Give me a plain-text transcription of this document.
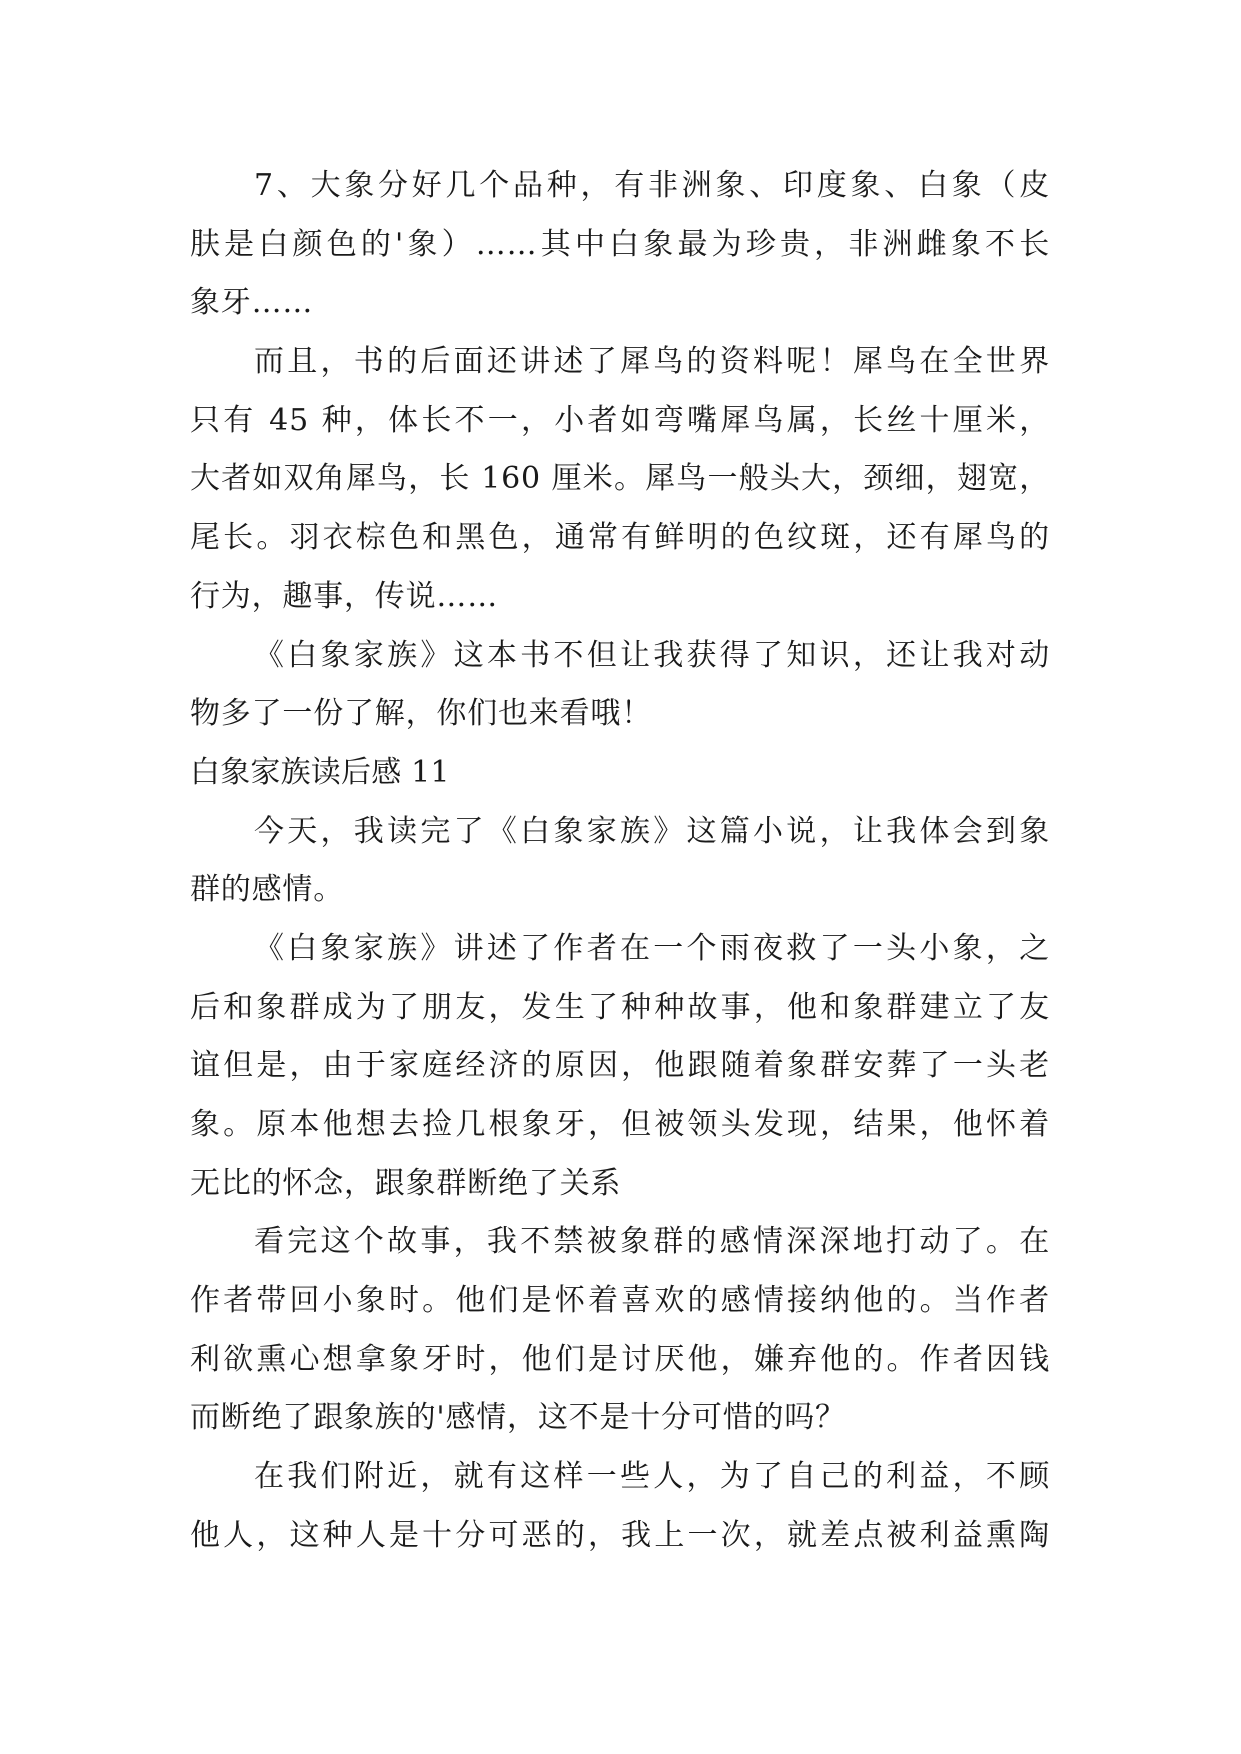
7、大象分好几个品种，有非洲象、印度象、白象（皮
肤是白颜色的'象）……其中白象最为珍贵，非洲雌象不长
象牙……
而且，书的后面还讲述了犀鸟的资料呢！犀鸟在全世界
只有 45 种，体长不一，小者如弯嘴犀鸟属，长丝十厘米，
大者如双角犀鸟，长 160 厘米。犀鸟一般头大，颈细，翅宽，
尾长。羽衣棕色和黑色，通常有鲜明的色纹斑，还有犀鸟的
行为，趣事，传说……
《白象家族》这本书不但让我获得了知识，还让我对动
物多了一份了解，你们也来看哦！
白象家族读后感 11
今天，我读完了《白象家族》这篇小说，让我体会到象
群的感情。
《白象家族》讲述了作者在一个雨夜救了一头小象，之
后和象群成为了朋友，发生了种种故事，他和象群建立了友
谊但是，由于家庭经济的原因，他跟随着象群安葬了一头老
象。原本他想去捡几根象牙，但被领头发现，结果，他怀着
无比的怀念，跟象群断绝了关系
看完这个故事，我不禁被象群的感情深深地打动了。在
作者带回小象时。他们是怀着喜欢的感情接纳他的。当作者
利欲熏心想拿象牙时，他们是讨厌他，嫌弃他的。作者因钱
而断绝了跟象族的'感情，这不是十分可惜的吗？
在我们附近，就有这样一些人，为了自己的利益，不顾
他人，这种人是十分可恶的，我上一次，就差点被利益熏陶
